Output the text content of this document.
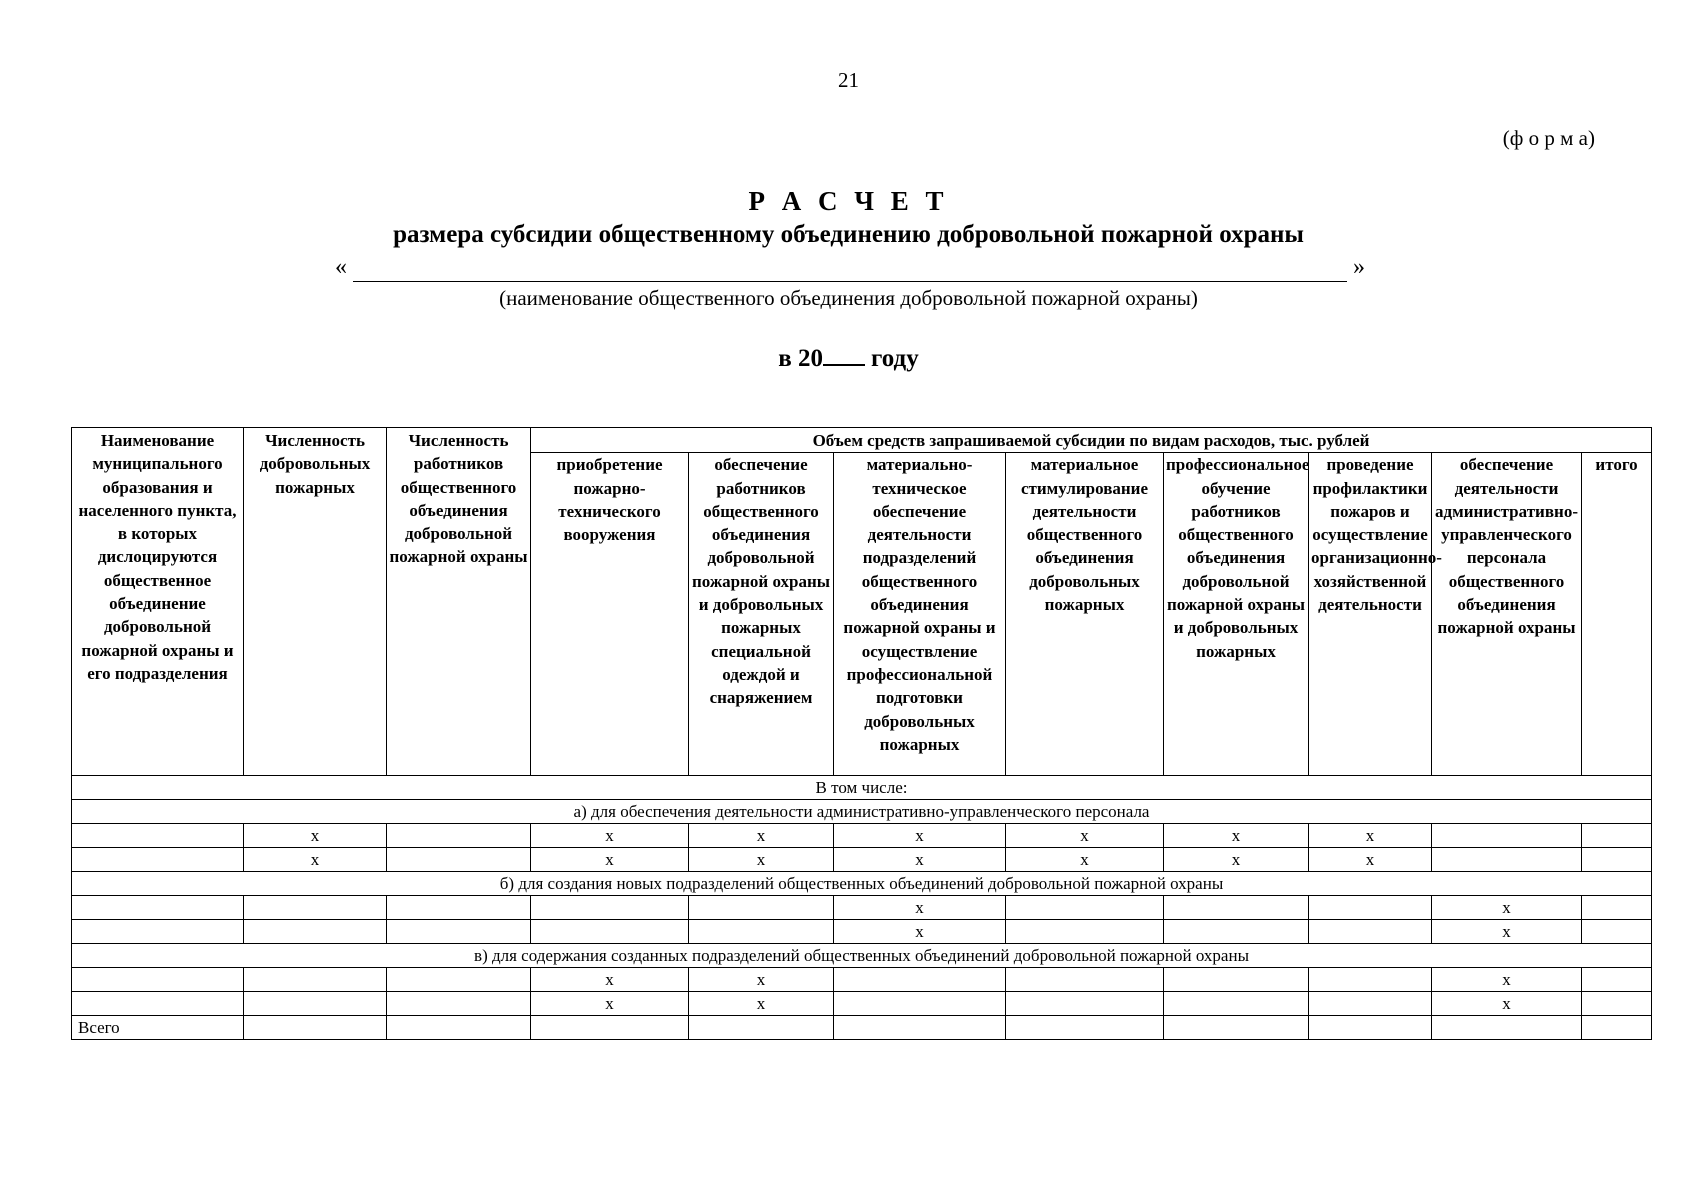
21
(ф о р м а)
Р А С Ч Е Т
размера субсидии общественному объединению добровольной пожарной охраны
«	»
(наименование общественного объединения добровольной пожарной охраны)
в 20 году
Наименование муниципального образования и населенного пункта, в которых дислоцируются общественное объединение добровольной пожарной охраны и его подразделения	Численность добровольных пожарных	Численность работников общественного объединения добровольной пожарной охраны	Объем средств запрашиваемой субсидии по видам расходов, тыс. рублей							
			приобретение пожарно-технического вооружения	обеспечение работников общественного объединения добровольной пожарной охраны и добровольных пожарных специальной одеждой и снаряжением	материально-техническое обеспечение деятельности подразделений общественного объединения пожарной охраны и осуществление профессиональной подготовки добровольных пожарных	материальное стимулирование деятельности общественного объединения добровольных пожарных	профессиональное обучение работников общественного объединения добровольной пожарной охраны и добровольных пожарных	проведение профилактики пожаров и осуществление организационно-хозяйственной деятельности	обеспечение деятельности административно-управленческого персонала общественного объединения пожарной охраны	итого
В том числе:										
а) для обеспечения деятельности административно-управленческого персонала										
	х		х	х	х	х	х	х		
	х		х	х	х	х	х	х		
б) для создания новых подразделений общественных объединений добровольной пожарной охраны										
					х				х	
					х				х	
в) для содержания созданных подразделений общественных объединений добровольной пожарной охраны										
			х	х					х	
			х	х					х	
Всего										
